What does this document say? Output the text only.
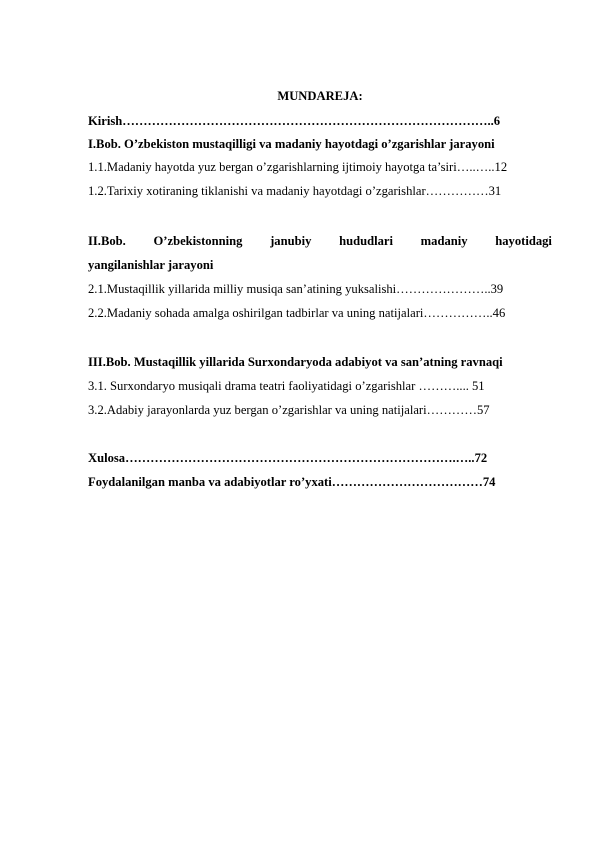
MUNDAREJA:
Kirish……………………………………………………………………………..6
I.Bob. O’zbekiston mustaqilligi va madaniy hayotdagi o’zgarishlar jarayoni
1.1.Madaniy hayotda yuz bergan o’zgarishlarning ijtimoiy hayotga ta’siri…..…..12
1.2.Tarixiy xotiraning tiklanishi va madaniy hayotdagi o’zgarishlar……………31
II.Bob. O’zbekistonning janubiy hududlari madaniy hayotidagi
yangilanishlar jarayoni
2.1.Mustaqillik yillarida milliy musiqa san’atining yuksalishi…………………..39
2.2.Madaniy sohada amalga oshirilgan tadbirlar va uning natijalari……………..46
III.Bob. Mustaqillik yillarida Surxondaryoda adabiyot va san’atning ravnaqi
3.1. Surxondaryo musiqali drama teatri faoliyatidagi o’zgarishlar ……….... 51
3.2.Adabiy jarayonlarda yuz bergan o’zgarishlar va uning natijalari…………57
Xulosa…………………………………………………………………….…..72
Foydalanilgan manba va adabiyotlar ro’yxati………………………………74
